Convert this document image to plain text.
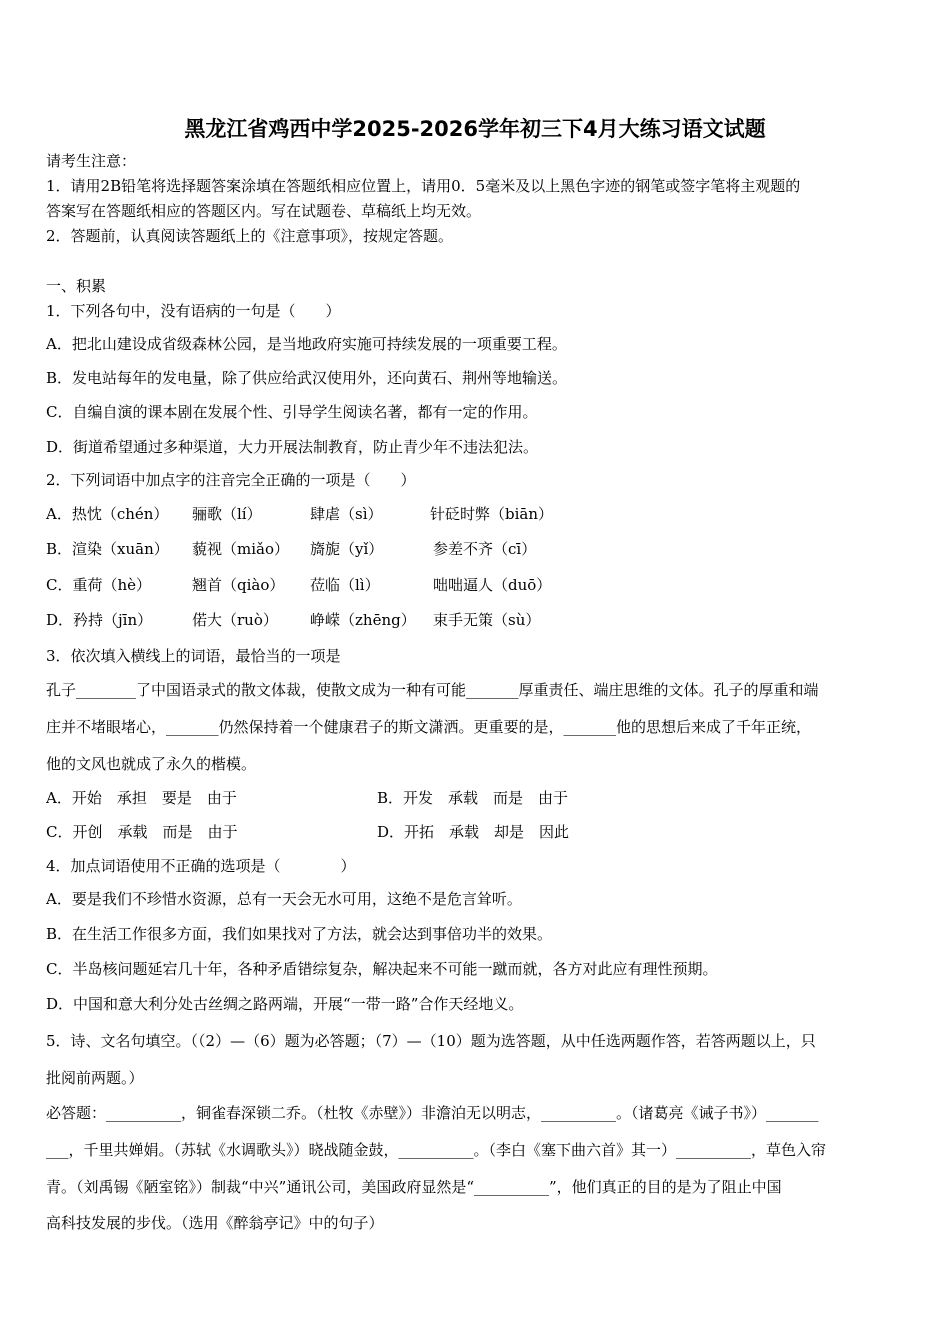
黑龙江省鸡西中学2025-2026学年初三下4月大练习语文试题
请考生注意：
1．请用2B铅笔将选择题答案涂填在答题纸相应位置上，请用0．5毫米及以上黑色字迹的钢笔或签字笔将主观题的
答案写在答题纸相应的答题区内。写在试题卷、草稿纸上均无效。
2．答题前，认真阅读答题纸上的《注意事项》，按规定答题。
一、积累
1．下列各句中，没有语病的一句是（　　）
A．把北山建设成省级森林公园，是当地政府实施可持续发展的一项重要工程。
B．发电站每年的发电量，除了供应给武汉使用外，还向黄石、荆州等地输送。
C．自编自演的课本剧在发展个性、引导学生阅读名著，都有一定的作用。
D．街道希望通过多种渠道，大力开展法制教育，防止青少年不违法犯法。
2．下列词语中加点字的注音完全正确的一项是（　　）
A．热忱（chén） 骊歌（lí）	肆虐（sì）	针砭时弊（biān）
B．渲染（xuān） 藐视（miǎo） 旖旎（yǐ）	参差不齐（cī）
C．重荷（hè）	翘首（qiào） 莅临（lì）	咄咄逼人（duō）
D．矜持（jīn）	偌大（ruò） 峥嵘（zhēng） 束手无策（sù）
3．依次填入横线上的词语，最恰当的一项是
孔子________了中国语录式的散文体裁，使散文成为一种有可能_______厚重责任、端庄思维的文体。孔子的厚重和端
庄并不堵眼堵心，_______仍然保持着一个健康君子的斯文潇洒。更重要的是，_______他的思想后来成了千年正统，
他的文风也就成了永久的楷模。
A．开始　承担　要是　由于	B．开发　承载　而是　由于
C．开创　承载　而是　由于	D．开拓　承载　却是　因此
4．加点词语使用不正确的选项是（　　　　）
A．要是我们不珍惜水资源，总有一天会无水可用，这绝不是危言耸听。
B．在生活工作很多方面，我们如果找对了方法，就会达到事倍功半的效果。
C．半岛核问题延宕几十年，各种矛盾错综复杂，解决起来不可能一蹴而就，各方对此应有理性预期。
D．中国和意大利分处古丝绸之路两端，开展“一带一路”合作天经地义。
5．诗、文名句填空。（（2）—（6）题为必答题；（7）—（10）题为选答题，从中任选两题作答，若答两题以上，只
批阅前两题。）
必答题：__________，铜雀春深锁二乔。（杜牧《赤壁》）非澹泊无以明志，__________。（诸葛亮《诫子书》）_______
___，千里共婵娟。（苏轼《水调歌头》）晓战随金鼓，__________。（李白《塞下曲六首》其一）__________，草色入帘
青。（刘禹锡《陋室铭》）制裁“中兴”通讯公司，美国政府显然是“__________”，他们真正的目的是为了阻止中国
高科技发展的步伐。（选用《醉翁亭记》中的句子）
